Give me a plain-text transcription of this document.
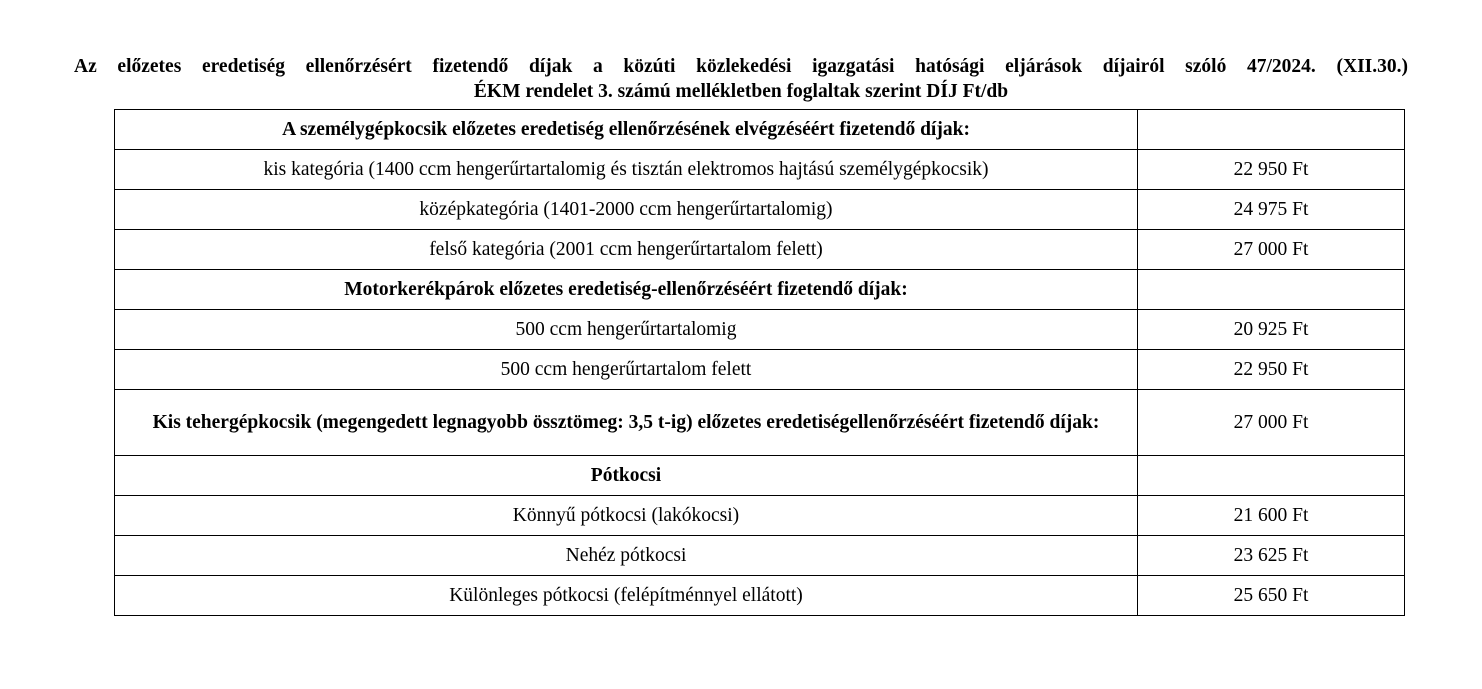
Az előzetes eredetiség ellenőrzésért fizetendő díjak a közúti közlekedési igazgatási hatósági eljárások díjairól szóló 47/2024. (XII.30.)
ÉKM rendelet 3. számú mellékletben foglaltak szerint DÍJ Ft/db
A személygépkocsik előzetes eredetiség ellenőrzésének elvégzéséért fizetendő díjak:	
kis kategória (1400 ccm hengerűrtartalomig és tisztán elektromos hajtású személygépkocsik)	22 950 Ft
középkategória (1401-2000 ccm hengerűrtartalomig)	24 975 Ft
felső kategória (2001 ccm hengerűrtartalom felett)	27 000 Ft
Motorkerékpárok előzetes eredetiség-ellenőrzéséért fizetendő díjak:	
500 ccm hengerűrtartalomig	20 925 Ft
500 ccm hengerűrtartalom felett	22 950 Ft
Kis tehergépkocsik (megengedett legnagyobb össztömeg: 3,5 t-ig) előzetes eredetiségellenőrzéséért fizetendő díjak:	27 000 Ft
Pótkocsi	
Könnyű pótkocsi (lakókocsi)	21 600 Ft
Nehéz pótkocsi	23 625 Ft
Különleges pótkocsi (felépítménnyel ellátott)	25 650 Ft
